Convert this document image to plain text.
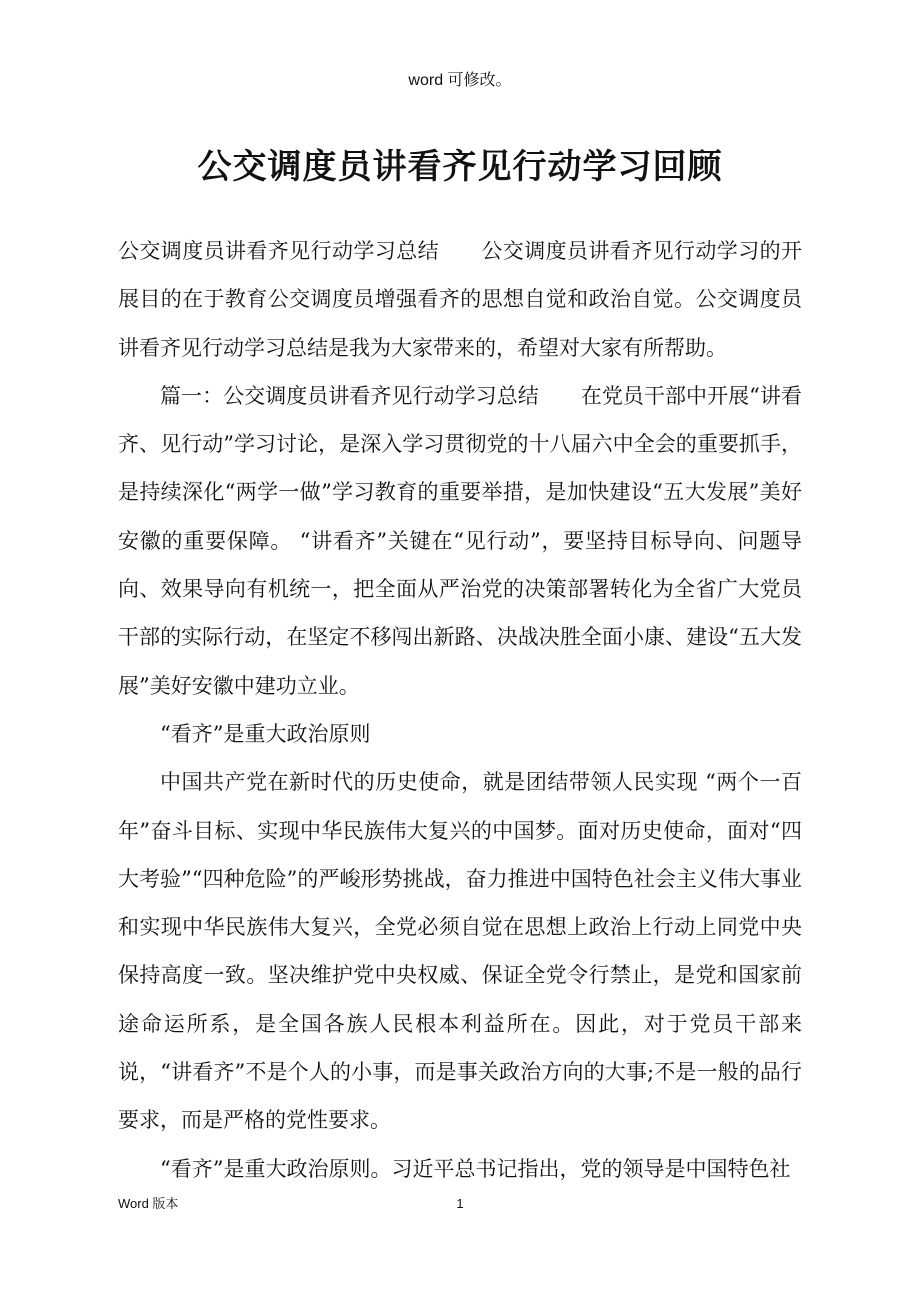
word 可修改。
公交调度员讲看齐见行动学习回顾

公交调度员讲看齐见行动学习总结 公交调度员讲看齐见行动学习的开展目的在于教育公交调度员增强看齐的思想自觉和政治自觉。公交调度员讲看齐见行动学习总结是我为大家带来的，希望对大家有所帮助。

篇一：公交调度员讲看齐见行动学习总结 在党员干部中开展“讲看齐、见行动”学习讨论，是深入学习贯彻党的十八届六中全会的重要抓手，是持续深化“两学一做”学习教育的重要举措，是加快建设“五大发展”美好安徽的重要保障。 “讲看齐”关键在“见行动”，要坚持目标导向、问题导向、效果导向有机统一，把全面从严治党的决策部署转化为全省广大党员干部的实际行动，在坚定不移闯出新路、决战决胜全面小康、建设“五大发展”美好安徽中建功立业。

“看齐”是重大政治原则

中国共产党在新时代的历史使命，就是团结带领人民实现 “两个一百年”奋斗目标、实现中华民族伟大复兴的中国梦。面对历史使命，面对“四大考验”“四种危险”的严峻形势挑战，奋力推进中国特色社会主义伟大事业和实现中华民族伟大复兴，全党必须自觉在思想上政治上行动上同党中央保持高度一致。坚决维护党中央权威、保证全党令行禁止，是党和国家前途命运所系，是全国各族人民根本利益所在。因此，对于党员干部来说，“讲看齐”不是个人的小事，而是事关政治方向的大事;不是一般的品行要求，而是严格的党性要求。

“看齐”是重大政治原则。习近平总书记指出，党的领导是中国特色社

Word 版本	1
